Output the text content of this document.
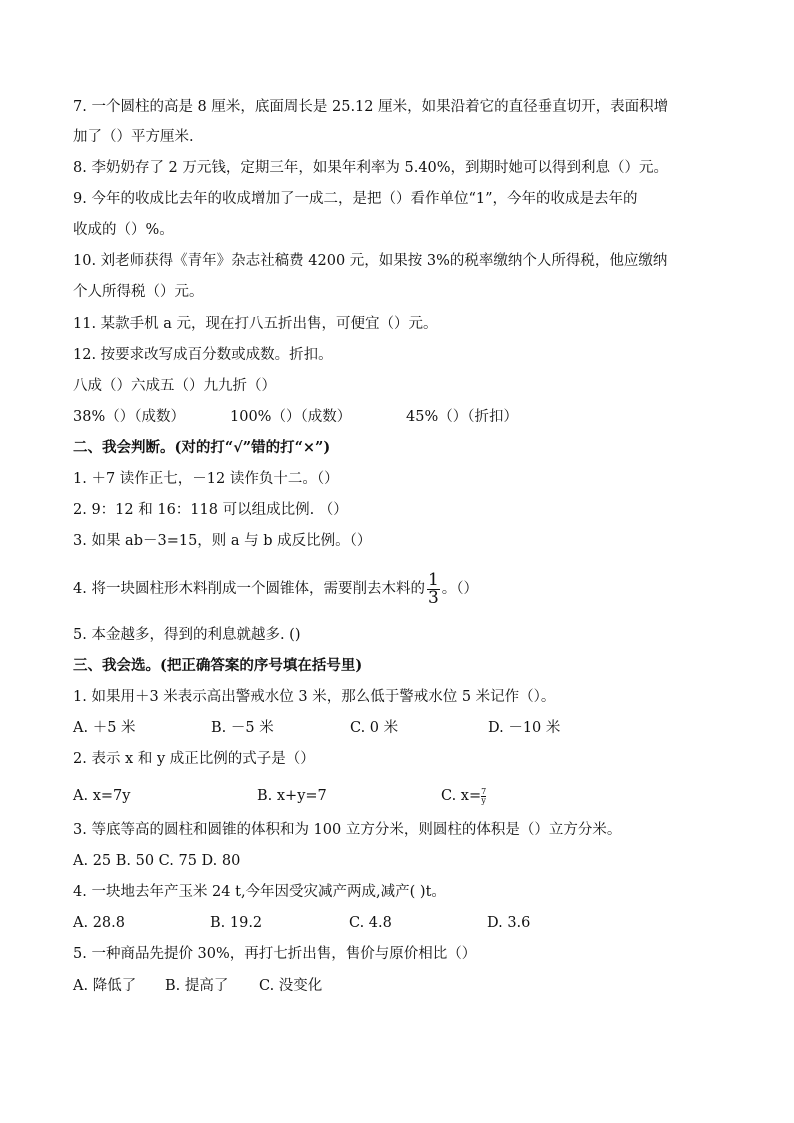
7. 一个圆柱的高是 8 厘米，底面周长是 25.12 厘米，如果沿着它的直径垂直切开，表面积增
加了（）平方厘米.
8. 李奶奶存了 2 万元钱，定期三年，如果年利率为 5.40%，到期时她可以得到利息（）元。
9. 今年的收成比去年的收成增加了一成二，是把（）看作单位“1”，今年的收成是去年的
收成的（）%。
10. 刘老师获得《青年》杂志社稿费 4200 元，如果按 3%的税率缴纳个人所得税，他应缴纳
个人所得税（）元。
11. 某款手机 a 元，现在打八五折出售，可便宜（）元。
12. 按要求改写成百分数或成数。折扣。
八成（）六成五（）九九折（）
38%（）（成数）	100%（）（成数）	45%（）（折扣）
二、我会判断。(对的打“√”错的打“×”)
1. ＋7 读作正七，－12 读作负十二。（）
2. 9：12 和 16：118 可以组成比例. （）
3. 如果 ab－3=15，则 a 与 b 成反比例。（）
4. 将一块圆柱形木料削成一个圆锥体，需要削去木料的 $\frac{1}{3}$ 。（）
5. 本金越多，得到的利息就越多. ()
三、我会选。(把正确答案的序号填在括号里)
1. 如果用＋3 米表示高出警戒水位 3 米，那么低于警戒水位 5 米记作（）。
A. ＋5 米	B. －5 米	C. 0 米	D. －10 米
2. 表示 x 和 y 成正比例的式子是（）
A. x=7y	B. x+y=7	C. $x= \frac{7}{y}$
3. 等底等高的圆柱和圆锥的体积和为 100 立方分米，则圆柱的体积是（）立方分米。
A. 25 B. 50 C. 75 D. 80
4. 一块地去年产玉米 24 t,今年因受灾减产两成,减产( )t。
A. 28.8	B. 19.2	C. 4.8	D. 3.6
5. 一种商品先提价 30%，再打七折出售，售价与原价相比（）
A. 降低了 B. 提高了 C. 没变化
